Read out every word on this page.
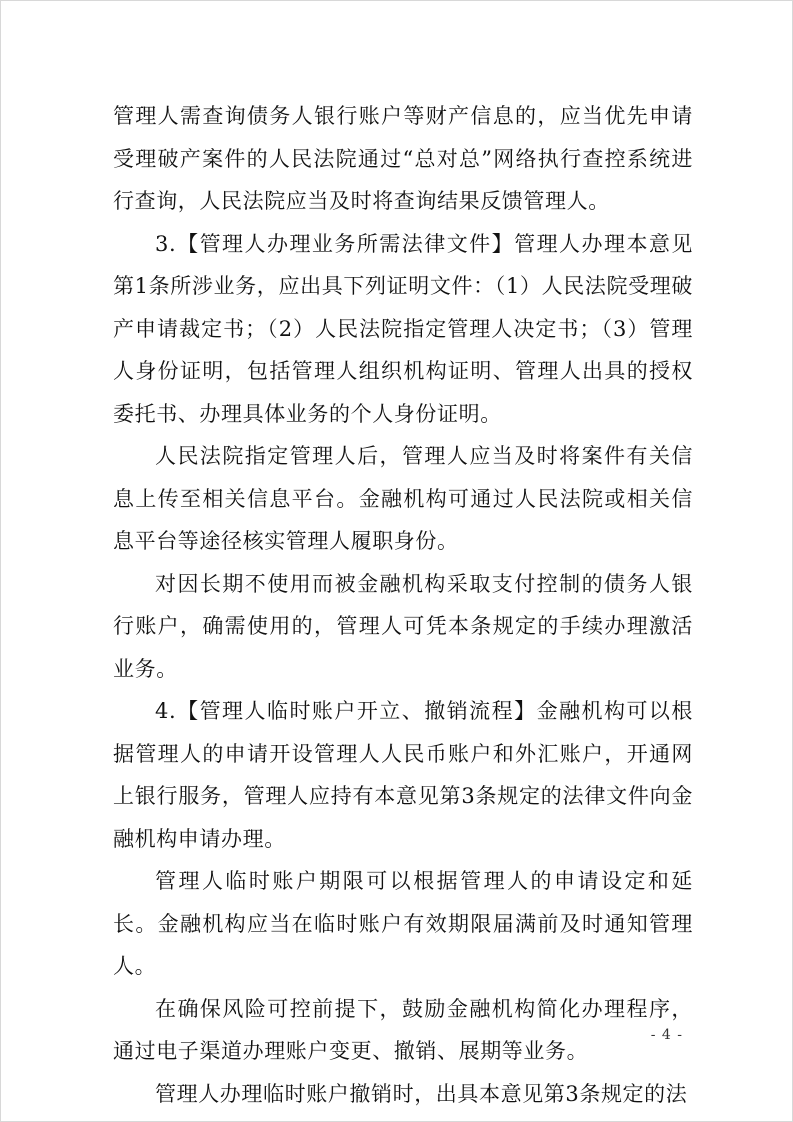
管理人需查询债务人银行账户等财产信息的，应当优先申请受理破产案件的人民法院通过“总对总”网络执行查控系统进行查询，人民法院应当及时将查询结果反馈管理人。

3.【管理人办理业务所需法律文件】管理人办理本意见第1条所涉业务，应出具下列证明文件：（1）人民法院受理破产申请裁定书；（2）人民法院指定管理人决定书；（3）管理人身份证明，包括管理人组织机构证明、管理人出具的授权委托书、办理具体业务的个人身份证明。

人民法院指定管理人后，管理人应当及时将案件有关信息上传至相关信息平台。金融机构可通过人民法院或相关信息平台等途径核实管理人履职身份。

对因长期不使用而被金融机构采取支付控制的债务人银行账户，确需使用的，管理人可凭本条规定的手续办理激活业务。

4.【管理人临时账户开立、撤销流程】金融机构可以根据管理人的申请开设管理人人民币账户和外汇账户，开通网上银行服务，管理人应持有本意见第3条规定的法律文件向金融机构申请办理。

管理人临时账户期限可以根据管理人的申请设定和延长。金融机构应当在临时账户有效期限届满前及时通知管理人。

在确保风险可控前提下，鼓励金融机构简化办理程序，通过电子渠道办理账户变更、撤销、展期等业务。

管理人办理临时账户撤销时，出具本意见第3条规定的法

- 4 -
